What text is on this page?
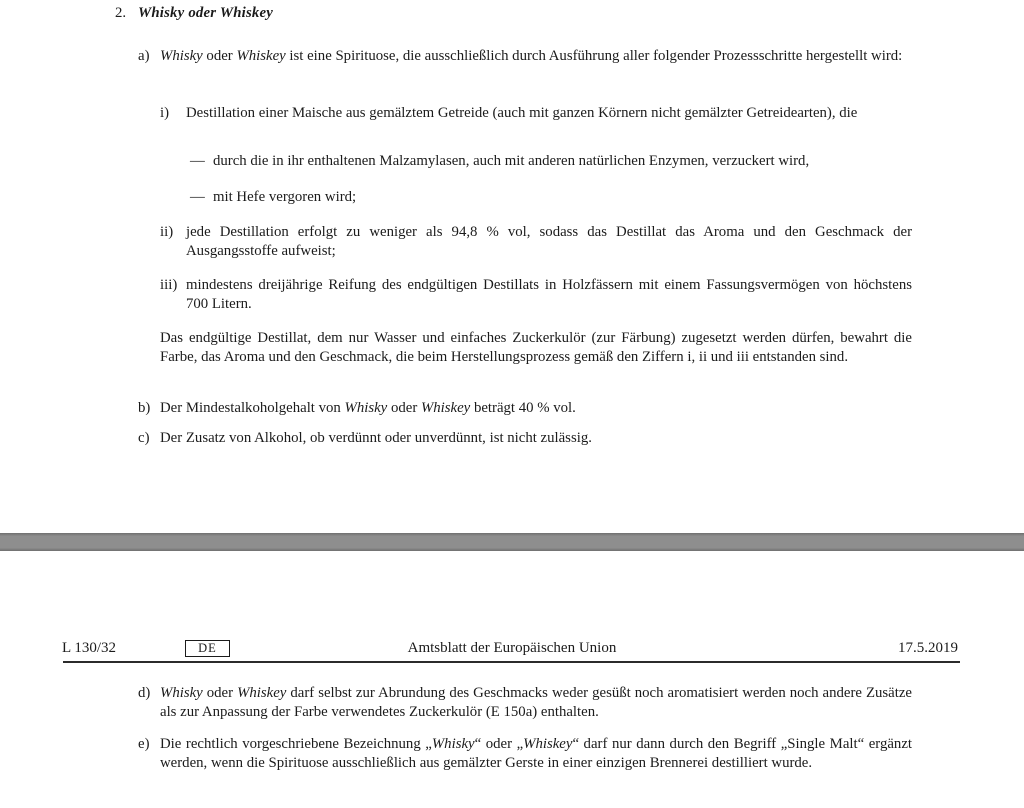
2. Whisky oder Whiskey
a) Whisky oder Whiskey ist eine Spirituose, die ausschließlich durch Ausführung aller folgender Prozessschritte hergestellt wird:
i)	Destillation einer Maische aus gemälztem Getreide (auch mit ganzen Körnern nicht gemälzter Getreidearten), die
— durch die in ihr enthaltenen Malzamylasen, auch mit anderen natürlichen Enzymen, verzuckert wird,
— mit Hefe vergoren wird;
ii) jede Destillation erfolgt zu weniger als 94,8 % vol, sodass das Destillat das Aroma und den Geschmack der Ausgangsstoffe aufweist;
iii) mindestens dreijährige Reifung des endgültigen Destillats in Holzfässern mit einem Fassungsvermögen von höchstens 700 Litern.
Das endgültige Destillat, dem nur Wasser und einfaches Zuckerkulör (zur Färbung) zugesetzt werden dürfen, bewahrt die Farbe, das Aroma und den Geschmack, die beim Herstellungsprozess gemäß den Ziffern i, ii und iii entstanden sind.
b) Der Mindestalkoholgehalt von Whisky oder Whiskey beträgt 40 % vol.
c) Der Zusatz von Alkohol, ob verdünnt oder unverdünnt, ist nicht zulässig.
L 130/32	DE	Amtsblatt der Europäischen Union	17.5.2019
d) Whisky oder Whiskey darf selbst zur Abrundung des Geschmacks weder gesüßt noch aromatisiert werden noch andere Zusätze als zur Anpassung der Farbe verwendetes Zuckerkulör (E 150a) enthalten.
e) Die rechtlich vorgeschriebene Bezeichnung „Whisky“ oder „Whiskey“ darf nur dann durch den Begriff „Single Malt“ ergänzt werden, wenn die Spirituose ausschließlich aus gemälzter Gerste in einer einzigen Brennerei destilliert wurde.
